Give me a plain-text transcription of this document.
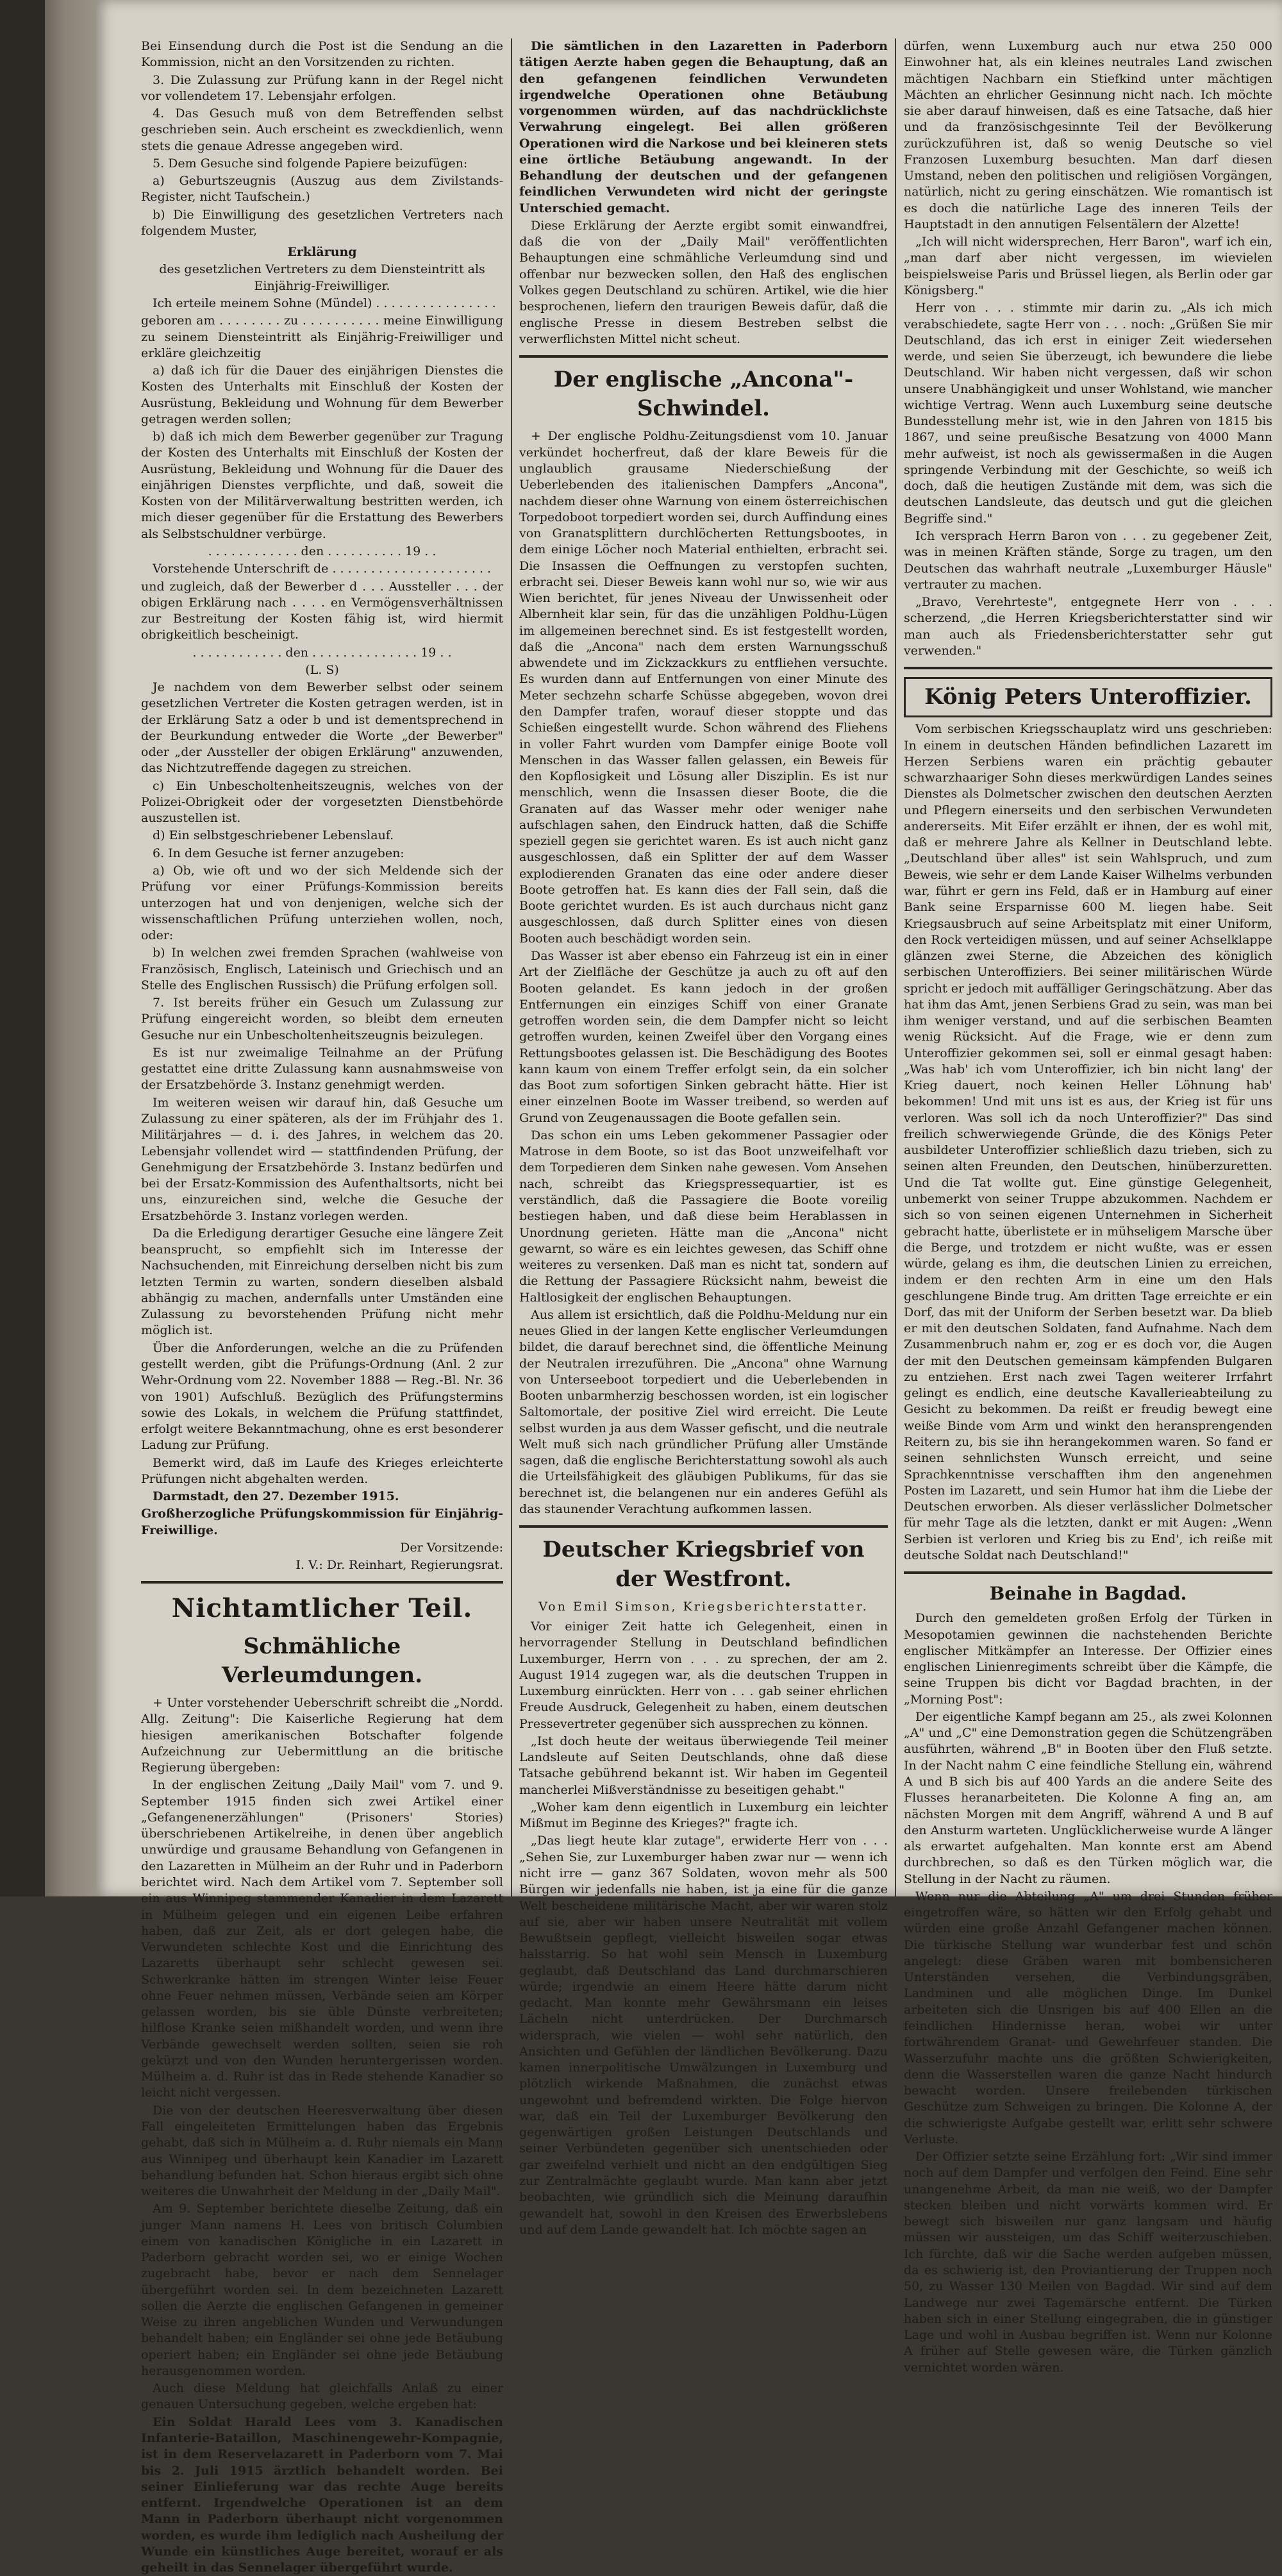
Bei Einsendung durch die Post ist die Sendung an die Kommission, nicht an den Vorsitzenden zu richten.

3. Die Zulassung zur Prüfung kann in der Regel nicht vor vollendetem 17. Lebensjahr erfolgen.

4. Das Gesuch muß von dem Betreffenden selbst geschrieben sein. Auch erscheint es zweckdienlich, wenn stets die genaue Adresse angegeben wird.

5. Dem Gesuche sind folgende Papiere beizufügen:

a) Geburtszeugnis (Auszug aus dem Zivilstands-Register, nicht Taufschein.)

b) Die Einwilligung des gesetzlichen Vertreters nach folgendem Muster,

Erklärung

des gesetzlichen Vertreters zu dem Diensteintritt als Einjährig-Freiwilliger.

Ich erteile meinem Sohne (Mündel) . . . . . . . . . . . . . . . .

geboren am . . . . . . . . zu . . . . . . . . . . meine Einwilligung zu seinem Diensteintritt als Einjährig-Freiwilliger und erkläre gleichzeitig

a) daß ich für die Dauer des einjährigen Dienstes die Kosten des Unterhalts mit Einschluß der Kosten der Ausrüstung, Bekleidung und Wohnung für dem Bewerber getragen werden sollen;

b) daß ich mich dem Bewerber gegenüber zur Tragung der Kosten des Unterhalts mit Einschluß der Kosten der Ausrüstung, Bekleidung und Wohnung für die Dauer des einjährigen Dienstes verpflichte, und daß, soweit die Kosten von der Militärverwaltung bestritten werden, ich mich dieser gegenüber für die Erstattung des Bewerbers als Selbstschuldner verbürge.

. . . . . . . . . . . . den . . . . . . . . . . 19 . .

Vorstehende Unterschrift de . . . . . . . . . . . . . . . . . . . . .

und zugleich, daß der Bewerber d . . . Aussteller . . . der obigen Erklärung nach . . . . en Vermögensverhältnissen zur Bestreitung der Kosten fähig ist, wird hiermit obrigkeitlich bescheinigt.

. . . . . . . . . . . . den . . . . . . . . . . . . . . 19 . .

(L. S)

Je nachdem von dem Bewerber selbst oder seinem gesetzlichen Vertreter die Kosten getragen werden, ist in der Erklärung Satz a oder b und ist dementsprechend in der Beurkundung entweder die Worte „der Bewerber" oder „der Aussteller der obigen Erklärung" anzuwenden, das Nichtzutreffende dagegen zu streichen.

c) Ein Unbescholtenheitszeugnis, welches von der Polizei-Obrigkeit oder der vorgesetzten Dienstbehörde auszustellen ist.

d) Ein selbstgeschriebener Lebenslauf.

6. In dem Gesuche ist ferner anzugeben:

a) Ob, wie oft und wo der sich Meldende sich der Prüfung vor einer Prüfungs-Kommission bereits unterzogen hat und von denjenigen, welche sich der wissenschaftlichen Prüfung unterziehen wollen, noch, oder:

b) In welchen zwei fremden Sprachen (wahlweise von Französisch, Englisch, Lateinisch und Griechisch und an Stelle des Englischen Russisch) die Prüfung erfolgen soll.

7. Ist bereits früher ein Gesuch um Zulassung zur Prüfung eingereicht worden, so bleibt dem erneuten Gesuche nur ein Unbescholtenheitszeugnis beizulegen.

Es ist nur zweimalige Teilnahme an der Prüfung gestattet eine dritte Zulassung kann ausnahmsweise von der Ersatzbehörde 3. Instanz genehmigt werden.

Im weiteren weisen wir darauf hin, daß Gesuche um Zulassung zu einer späteren, als der im Frühjahr des 1. Militärjahres — d. i. des Jahres, in welchem das 20. Lebensjahr vollendet wird — stattfindenden Prüfung, der Genehmigung der Ersatzbehörde 3. Instanz bedürfen und bei der Ersatz-Kommission des Aufenthaltsorts, nicht bei uns, einzureichen sind, welche die Gesuche der Ersatzbehörde 3. Instanz vorlegen werden.

Da die Erledigung derartiger Gesuche eine längere Zeit beansprucht, so empfiehlt sich im Interesse der Nachsuchenden, mit Einreichung derselben nicht bis zum letzten Termin zu warten, sondern dieselben alsbald abhängig zu machen, andernfalls unter Umständen eine Zulassung zu bevorstehenden Prüfung nicht mehr möglich ist.

Über die Anforderungen, welche an die zu Prüfenden gestellt werden, gibt die Prüfungs-Ordnung (Anl. 2 zur Wehr-Ordnung vom 22. November 1888 — Reg.-Bl. Nr. 36 von 1901) Aufschluß. Bezüglich des Prüfungstermins sowie des Lokals, in welchem die Prüfung stattfindet, erfolgt weitere Bekanntmachung, ohne es erst besonderer Ladung zur Prüfung.

Bemerkt wird, daß im Laufe des Krieges erleichterte Prüfungen nicht abgehalten werden.

Darmstadt, den 27. Dezember 1915.

Großherzogliche Prüfungskommission für Einjährig-Freiwillige.

Der Vorsitzende:

I. V.: Dr. Reinhart, Regierungsrat.

Nichtamtlicher Teil.

Schmähliche Verleumdungen.

+ Unter vorstehender Ueberschrift schreibt die „Nordd. Allg. Zeitung": Die Kaiserliche Regierung hat dem hiesigen amerikanischen Botschafter folgende Aufzeichnung zur Uebermittlung an die britische Regierung übergeben:

In der englischen Zeitung „Daily Mail" vom 7. und 9. September 1915 finden sich zwei Artikel einer „Gefangenenerzählungen" (Prisoners' Stories) überschriebenen Artikelreihe, in denen über angeblich unwürdige und grausame Behandlung von Gefangenen in den Lazaretten in Mülheim an der Ruhr und in Paderborn berichtet wird. Nach dem Artikel vom 7. September soll ein aus Winnipeg stammender Kanadier in dem Lazarett in Mülheim gelegen und ein eigenen Leibe erfahren haben, daß zur Zeit, als er dort gelegen habe, die Verwundeten schlechte Kost und die Einrichtung des Lazaretts überhaupt sehr schlecht gewesen sei. Schwerkranke hätten im strengen Winter leise Feuer ohne Feuer nehmen müssen, Verbände seien am Körper gelassen worden, bis sie üble Dünste verbreiteten; hilflose Kranke seien mißhandelt worden, und wenn ihre Verbände gewechselt werden sollten, seien sie roh gekürzt und von den Wunden heruntergerissen worden. Mülheim a. d. Ruhr ist das in Rede stehende Kanadier so leicht nicht vergessen.

Die von der deutschen Heeresverwaltung über diesen Fall eingeleiteten Ermittelungen haben das Ergebnis gehabt, daß sich in Mülheim a. d. Ruhr niemals ein Mann aus Winnipeg und überhaupt kein Kanadier im Lazarett behandlung befunden hat. Schon hieraus ergibt sich ohne weiteres die Unwahrheit der Meldung in der „Daily Mail".

Am 9. September berichtete dieselbe Zeitung, daß ein junger Mann namens H. Lees von britisch Columbien einem von kanadischen Königliche in ein Lazarett in Paderborn gebracht worden sei, wo er einige Wochen zugebracht habe, bevor er nach dem Sennelager übergeführt worden sei. In dem bezeichneten Lazarett sollen die Aerzte die englischen Gefangenen in gemeiner Weise zu ihren angeblichen Wunden und Verwundungen behandelt haben; ein Engländer sei ohne jede Betäubung operiert haben; ein Engländer sei ohne jede Betäubung herausgenommen worden.

Auch diese Meldung hat gleichfalls Anlaß zu einer genauen Untersuchung gegeben, welche ergeben hat:

Ein Soldat Harald Lees vom 3. Kanadischen Infanterie-Bataillon, Maschinengewehr-Kompagnie, ist in dem Reservelazarett in Paderborn vom 7. Mai bis 2. Juli 1915 ärztlich behandelt worden. Bei seiner Einlieferung war das rechte Auge bereits entfernt. Irgendwelche Operationen ist an dem Mann in Paderborn überhaupt nicht vorgenommen worden, es wurde ihm lediglich nach Ausheilung der Wunde ein künstliches Auge bereitet, worauf er als geheilt in das Sennelager übergeführt wurde.

Die sämtlichen in den Lazaretten in Paderborn tätigen Aerzte haben gegen die Behauptung, daß an den gefangenen feindlichen Verwundeten irgendwelche Operationen ohne Betäubung vorgenommen würden, auf das nachdrücklichste Verwahrung eingelegt. Bei allen größeren Operationen wird die Narkose und bei kleineren stets eine örtliche Betäubung angewandt. In der Behandlung der deutschen und der gefangenen feindlichen Verwundeten wird nicht der geringste Unterschied gemacht.

Diese Erklärung der Aerzte ergibt somit einwandfrei, daß die von der „Daily Mail" veröffentlichten Behauptungen eine schmähliche Verleumdung sind und offenbar nur bezwecken sollen, den Haß des englischen Volkes gegen Deutschland zu schüren. Artikel, wie die hier besprochenen, liefern den traurigen Beweis dafür, daß die englische Presse in diesem Bestreben selbst die verwerflichsten Mittel nicht scheut.

Der englische „Ancona"-Schwindel.

+ Der englische Poldhu-Zeitungsdienst vom 10. Januar verkündet hocherfreut, daß der klare Beweis für die unglaublich grausame Niederschießung der Ueberlebenden des italienischen Dampfers „Ancona", nachdem dieser ohne Warnung von einem österreichischen Torpedoboot torpediert worden sei, durch Auffindung eines von Granatsplittern durchlöcherten Rettungsbootes, in dem einige Löcher noch Material enthielten, erbracht sei. Die Insassen die Oeffnungen zu verstopfen suchten, erbracht sei. Dieser Beweis kann wohl nur so, wie wir aus Wien berichtet, für jenes Niveau der Unwissenheit oder Albernheit klar sein, für das die unzähligen Poldhu-Lügen im allgemeinen berechnet sind. Es ist festgestellt worden, daß die „Ancona" nach dem ersten Warnungsschuß abwendete und im Zickzackkurs zu entfliehen versuchte. Es wurden dann auf Entfernungen von einer Minute des Meter sechzehn scharfe Schüsse abgegeben, wovon drei den Dampfer trafen, worauf dieser stoppte und das Schießen eingestellt wurde. Schon während des Fliehens in voller Fahrt wurden vom Dampfer einige Boote voll Menschen in das Wasser fallen gelassen, ein Beweis für den Kopflosigkeit und Lösung aller Disziplin. Es ist nur menschlich, wenn die Insassen dieser Boote, die die Granaten auf das Wasser mehr oder weniger nahe aufschlagen sahen, den Eindruck hatten, daß die Schiffe speziell gegen sie gerichtet waren. Es ist auch nicht ganz ausgeschlossen, daß ein Splitter der auf dem Wasser explodierenden Granaten das eine oder andere dieser Boote getroffen hat. Es kann dies der Fall sein, daß die Boote gerichtet wurden. Es ist auch durchaus nicht ganz ausgeschlossen, daß durch Splitter eines von diesen Booten auch beschädigt worden sein.

Das Wasser ist aber ebenso ein Fahrzeug ist ein in einer Art der Zielfläche der Geschütze ja auch zu oft auf den Booten gelandet. Es kann jedoch in der großen Entfernungen ein einziges Schiff von einer Granate getroffen worden sein, die dem Dampfer nicht so leicht getroffen wurden, keinen Zweifel über den Vorgang eines Rettungsbootes gelassen ist. Die Beschädigung des Bootes kann kaum von einem Treffer erfolgt sein, da ein solcher das Boot zum sofortigen Sinken gebracht hätte. Hier ist einer einzelnen Boote im Wasser treibend, so werden auf Grund von Zeugenaussagen die Boote gefallen sein.

Das schon ein ums Leben gekommener Passagier oder Matrose in dem Boote, so ist das Boot unzweifelhaft vor dem Torpedieren dem Sinken nahe gewesen. Vom Ansehen nach, schreibt das Kriegspressequartier, ist es verständlich, daß die Passagiere die Boote voreilig bestiegen haben, und daß diese beim Herablassen in Unordnung gerieten. Hätte man die „Ancona" nicht gewarnt, so wäre es ein leichtes gewesen, das Schiff ohne weiteres zu versenken. Daß man es nicht tat, sondern auf die Rettung der Passagiere Rücksicht nahm, beweist die Haltlosigkeit der englischen Behauptungen.

Aus allem ist ersichtlich, daß die Poldhu-Meldung nur ein neues Glied in der langen Kette englischer Verleumdungen bildet, die darauf berechnet sind, die öffentliche Meinung der Neutralen irrezuführen. Die „Ancona" ohne Warnung von Unterseeboot torpediert und die Ueberlebenden in Booten unbarmherzig beschossen worden, ist ein logischer Saltomortale, der positive Ziel wird erreicht. Die Leute selbst wurden ja aus dem Wasser gefischt, und die neutrale Welt muß sich nach gründlicher Prüfung aller Umstände sagen, daß die englische Berichterstattung sowohl als auch die Urteilsfähigkeit des gläubigen Publikums, für das sie berechnet ist, die belangenen nur ein anderes Gefühl als das staunender Verachtung aufkommen lassen.

Deutscher Kriegsbrief von der Westfront.

Von Emil Simson, Kriegsberichterstatter.

Vor einiger Zeit hatte ich Gelegenheit, einen in hervorragender Stellung in Deutschland befindlichen Luxemburger, Herrn von . . . zu sprechen, der am 2. August 1914 zugegen war, als die deutschen Truppen in Luxemburg einrückten. Herr von . . . gab seiner ehrlichen Freude Ausdruck, Gelegenheit zu haben, einem deutschen Pressevertreter gegenüber sich aussprechen zu können.

„Ist doch heute der weitaus überwiegende Teil meiner Landsleute auf Seiten Deutschlands, ohne daß diese Tatsache gebührend bekannt ist. Wir haben im Gegenteil mancherlei Mißverständnisse zu beseitigen gehabt."

„Woher kam denn eigentlich in Luxemburg ein leichter Mißmut im Beginne des Krieges?" fragte ich.

„Das liegt heute klar zutage", erwiderte Herr von . . . „Sehen Sie, zur Luxemburger haben zwar nur — wenn ich nicht irre — ganz 367 Soldaten, wovon mehr als 500 Bürgen wir jedenfalls nie haben, ist ja eine für die ganze Welt bescheidene militärische Macht, aber wir waren stolz auf sie, aber wir haben unsere Neutralität mit vollem Bewußtsein gepflegt, vielleicht bisweilen sogar etwas halsstarrig. So hat wohl sein Mensch in Luxemburg geglaubt, daß Deutschland das Land durchmarschieren würde; irgendwie an einem Heere hätte darum nicht gedacht. Man konnte mehr Gewährsmann ein leises Lächeln nicht unterdrücken. Der Durchmarsch widersprach, wie vielen — wohl sehr natürlich, den Ansichten und Gefühlen der ländlichen Bevölkerung. Dazu kamen innerpolitische Umwälzungen in Luxemburg und plötzlich wirkende Maßnahmen, die zunächst etwas ungewohnt und befremdend wirkten. Die Folge hiervon war, daß ein Teil der Luxemburger Bevölkerung den gegenwärtigen großen Leistungen Deutschlands und seiner Verbündeten gegenüber sich unentschieden oder gar zweifelnd verhielt und nicht an den endgültigen Sieg zur Zentralmächte geglaubt wurde. Man kann aber jetzt beobachten, wie gründlich sich die Meinung daraufhin gewandelt hat, sowohl in den Kreisen des Erwerbslebens und auf dem Lande gewandelt hat. Ich möchte sagen an

dürfen, wenn Luxemburg auch nur etwa 250 000 Einwohner hat, als ein kleines neutrales Land zwischen mächtigen Nachbarn ein Stiefkind unter mächtigen Mächten an ehrlicher Gesinnung nicht nach. Ich möchte sie aber darauf hinweisen, daß es eine Tatsache, daß hier und da französischgesinnte Teil der Bevölkerung zurückzuführen ist, daß so wenig Deutsche so viel Franzosen Luxemburg besuchten. Man darf diesen Umstand, neben den politischen und religiösen Vorgängen, natürlich, nicht zu gering einschätzen. Wie romantisch ist es doch die natürliche Lage des inneren Teils der Hauptstadt in den annutigen Felsentälern der Alzette!

„Ich will nicht widersprechen, Herr Baron", warf ich ein, „man darf aber nicht vergessen, im wievielen beispielsweise Paris und Brüssel liegen, als Berlin oder gar Königsberg."

Herr von . . . stimmte mir darin zu. „Als ich mich verabschiedete, sagte Herr von . . . noch: „Grüßen Sie mir Deutschland, das ich erst in einiger Zeit wiedersehen werde, und seien Sie überzeugt, ich bewundere die liebe Deutschland. Wir haben nicht vergessen, daß wir schon unsere Unabhängigkeit und unser Wohlstand, wie mancher wichtige Vertrag. Wenn auch Luxemburg seine deutsche Bundesstellung mehr ist, wie in den Jahren von 1815 bis 1867, und seine preußische Besatzung von 4000 Mann mehr aufweist, ist noch als gewissermaßen in die Augen springende Verbindung mit der Geschichte, so weiß ich doch, daß die heutigen Zustände mit dem, was sich die deutschen Landsleute, das deutsch und gut die gleichen Begriffe sind."

Ich versprach Herrn Baron von . . . zu gegebener Zeit, was in meinen Kräften stände, Sorge zu tragen, um den Deutschen das wahrhaft neutrale „Luxemburger Häusle" vertrauter zu machen.

„Bravo, Verehrteste", entgegnete Herr von . . . scherzend, „die Herren Kriegsberichterstatter sind wir man auch als Friedensberichterstatter sehr gut verwenden."

König Peters Unteroffizier.

Vom serbischen Kriegsschauplatz wird uns geschrieben: In einem in deutschen Händen befindlichen Lazarett im Herzen Serbiens waren ein prächtig gebauter schwarzhaariger Sohn dieses merkwürdigen Landes seines Dienstes als Dolmetscher zwischen den deutschen Aerzten und Pflegern einerseits und den serbischen Verwundeten andererseits. Mit Eifer erzählt er ihnen, der es wohl mit, daß er mehrere Jahre als Kellner in Deutschland lebte. „Deutschland über alles" ist sein Wahlspruch, und zum Beweis, wie sehr er dem Lande Kaiser Wilhelms verbunden war, führt er gern ins Feld, daß er in Hamburg auf einer Bank seine Ersparnisse 600 M. liegen habe. Seit Kriegsausbruch auf seine Arbeitsplatz mit einer Uniform, den Rock verteidigen müssen, und auf seiner Achselklappe glänzen zwei Sterne, die Abzeichen des königlich serbischen Unteroffiziers. Bei seiner militärischen Würde spricht er jedoch mit auffälliger Geringschätzung. Aber das hat ihm das Amt, jenen Serbiens Grad zu sein, was man bei ihm weniger verstand, und auf die serbischen Beamten wenig Rücksicht. Auf die Frage, wie er denn zum Unteroffizier gekommen sei, soll er einmal gesagt haben: „Was hab' ich vom Unteroffizier, ich bin nicht lang' der Krieg dauert, noch keinen Heller Löhnung hab' bekommen! Und mit uns ist es aus, der Krieg ist für uns verloren. Was soll ich da noch Unteroffizier?" Das sind freilich schwerwiegende Gründe, die des Königs Peter ausbildeter Unteroffizier schließlich dazu trieben, sich zu seinen alten Freunden, den Deutschen, hinüberzuretten. Und die Tat wollte gut. Eine günstige Gelegenheit, unbemerkt von seiner Truppe abzukommen. Nachdem er sich so von seinen eigenen Unternehmen in Sicherheit gebracht hatte, überlistete er in mühseligem Marsche über die Berge, und trotzdem er nicht wußte, was er essen würde, gelang es ihm, die deutschen Linien zu erreichen, indem er den rechten Arm in eine um den Hals geschlungene Binde trug. Am dritten Tage erreichte er ein Dorf, das mit der Uniform der Serben besetzt war. Da blieb er mit den deutschen Soldaten, fand Aufnahme. Nach dem Zusammenbruch nahm er, zog er es doch vor, die Augen der mit den Deutschen gemeinsam kämpfenden Bulgaren zu entziehen. Erst nach zwei Tagen weiterer Irrfahrt gelingt es endlich, eine deutsche Kavallerieabteilung zu Gesicht zu bekommen. Da reißt er freudig bewegt eine weiße Binde vom Arm und winkt den heransprengenden Reitern zu, bis sie ihn herangekommen waren. So fand er seinen sehnlichsten Wunsch erreicht, und seine Sprachkenntnisse verschafften ihm den angenehmen Posten im Lazarett, und sein Humor hat ihm die Liebe der Deutschen erworben. Als dieser verlässlicher Dolmetscher für mehr Tage als die letzten, dankt er mit Augen: „Wenn Serbien ist verloren und Krieg bis zu End', ich reiße mit deutsche Soldat nach Deutschland!"

Beinahe in Bagdad.

Durch den gemeldeten großen Erfolg der Türken in Mesopotamien gewinnen die nachstehenden Berichte englischer Mitkämpfer an Interesse. Der Offizier eines englischen Linienregiments schreibt über die Kämpfe, die seine Truppen bis dicht vor Bagdad brachten, in der „Morning Post":

Der eigentliche Kampf begann am 25., als zwei Kolonnen „A" und „C" eine Demonstration gegen die Schützengräben ausführten, während „B" in Booten über den Fluß setzte. In der Nacht nahm C eine feindliche Stellung ein, während A und B sich bis auf 400 Yards an die andere Seite des Flusses heranarbeiteten. Die Kolonne A fing an, am nächsten Morgen mit dem Angriff, während A und B auf den Ansturm warteten. Unglücklicherweise wurde A länger als erwartet aufgehalten. Man konnte erst am Abend durchbrechen, so daß es den Türken möglich war, die Stellung in der Nacht zu räumen.

Wenn nur die Abteilung „A" um drei Stunden früher eingetroffen wäre, so hätten wir den Erfolg gehabt und würden eine große Anzahl Gefangener machen können. Die türkische Stellung war wunderbar fest und schön angelegt: diese Gräben waren mit bombensicheren Unterständen versehen, die Verbindungsgräben, Landminen und alle möglichen Dinge. Im Dunkel arbeiteten sich die Unsrigen bis auf 400 Ellen an die feindlichen Hindernisse heran, wobei wir unter fortwährendem Granat- und Gewehrfeuer standen. Die Wasserzufuhr machte uns die größten Schwierigkeiten, denn die Wasserstellen waren die ganze Nacht hindurch bewacht worden. Unsere freilebenden türkischen Geschütze zum Schweigen zu bringen. Die Kolonne A, der die schwierigste Aufgabe gestellt war, erlitt sehr schwere Verluste.

Der Offizier setzte seine Erzählung fort: „Wir sind immer noch auf dem Dampfer und verfolgen den Feind. Eine sehr unangenehme Arbeit, da man nie weiß, wo der Dampfer stecken bleiben und nicht vorwärts kommen wird. Er bewegt sich bisweilen nur ganz langsam und häufig müssen wir aussteigen, um das Schiff weiterzuschieben. Ich fürchte, daß wir die Sache werden aufgeben müssen, da es schwierig ist, den Proviantierung der Truppen noch 50, zu Wasser 130 Meilen von Bagdad. Wir sind auf dem Landwege nur zwei Tagemärsche entfernt. Die Türken haben sich in einer Stellung eingegraben, die in günstiger Lage und wohl in Ausbau begriffen ist. Wenn nur Kolonne A früher auf Stelle gewesen wäre, die Türken gänzlich vernichtet worden wären.
